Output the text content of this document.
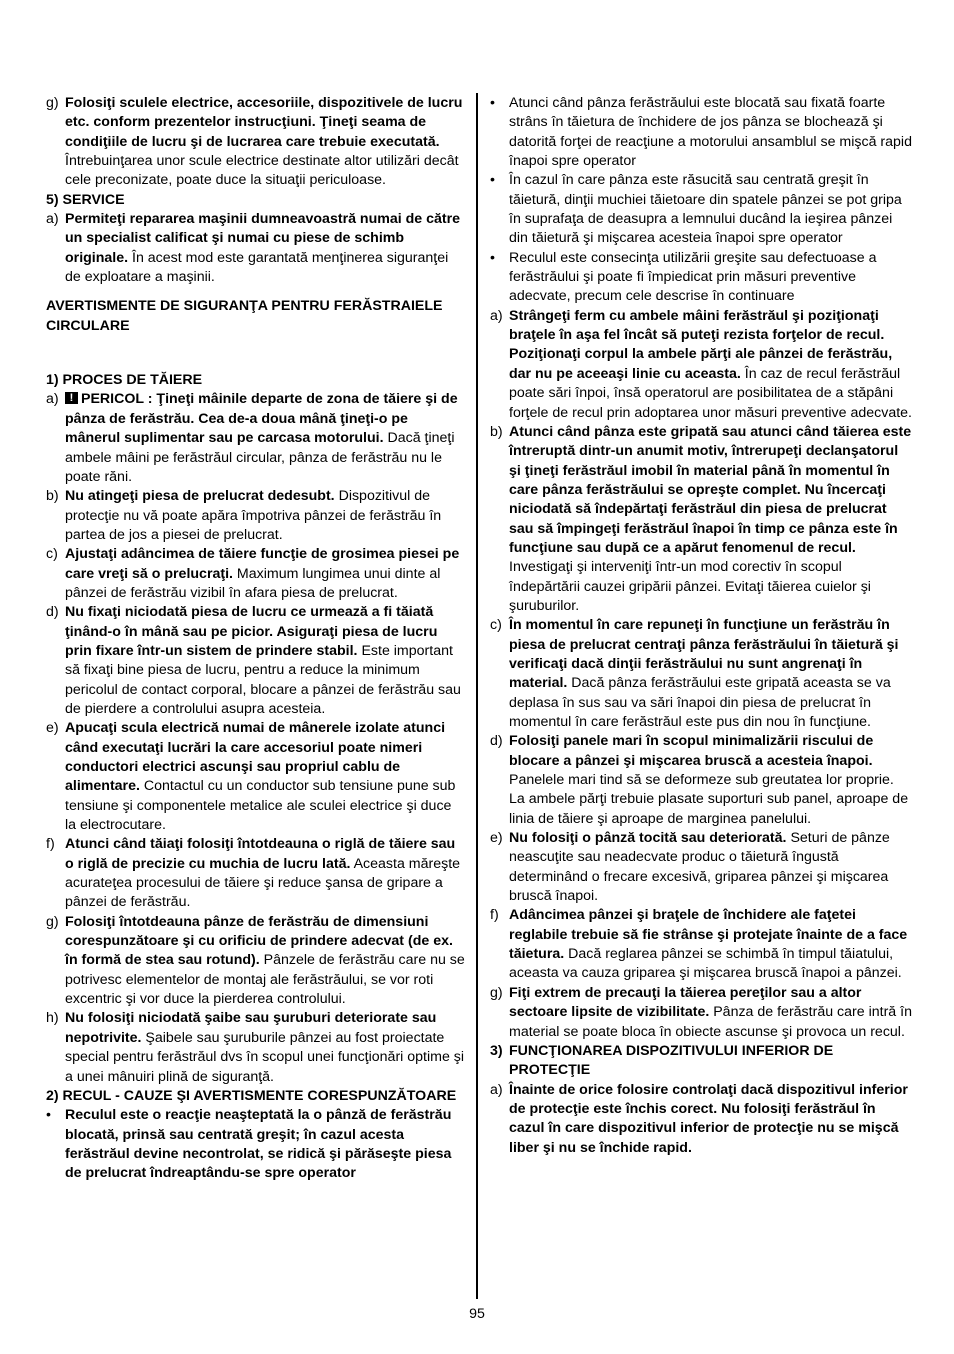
g) Folosiţi sculele electrice, accesoriile, dispozitivele de lucru etc. conform prezentelor instrucţiuni. Ţineţi seama de condiţiile de lucru şi de lucrarea care trebuie executată. Întrebuinţarea unor scule electrice destinate altor utilizări decât cele preconizate, poate duce la situaţii periculoase.
5) SERVICE
a) Permiteţi repararea maşinii dumneavoastră numai de către un specialist calificat şi numai cu piese de schimb originale. În acest mod este garantată menţinerea siguranţei de exploatare a maşinii.
AVERTISMENTE DE SIGURANŢA PENTRU FERĂSTRAIELE CIRCULARE
1) PROCES DE TĂIERE
a)
! PERICOL : Ţineţi mâinile departe de zona de tăiere şi de pânza de ferăstrău. Cea de-a doua mână ţineţi-o pe mânerul suplimentar sau pe carcasa motorului. Dacă ţineţi ambele mâini pe ferăstrăul circular, pânza de ferăstrău nu le poate răni.
b) Nu atingeţi piesa de prelucrat dedesubt. Dispozitivul de protecţie nu vă poate apăra împotriva pânzei de ferăstrău în partea de jos a piesei de prelucrat.
c) Ajustaţi adâncimea de tăiere funcţie de grosimea piesei pe care vreţi să o prelucraţi. Maximum lungimea unui dinte al pânzei de ferăstrău vizibil în afara piesa de prelucrat.
d) Nu fixaţi niciodată piesa de lucru ce urmează a fi tăiată ţinând-o în mână sau pe picior. Asiguraţi piesa de lucru prin fixare într-un sistem de prindere stabil. Este important să fixaţi bine piesa de lucru, pentru a reduce la minimum pericolul de contact corporal, blocare a pânzei de ferăstrău sau de pierdere a controlului asupra acesteia.
e) Apucaţi scula electrică numai de mânerele izolate atunci când executaţi lucrări la care accesoriul poate nimeri conductori electrici ascunşi sau propriul cablu de alimentare. Contactul cu un conductor sub tensiune pune sub tensiune şi componentele metalice ale sculei electrice şi duce la electrocutare.
f) Atunci când tăiaţi folosiţi întotdeauna o riglă de tăiere sau o riglă de precizie cu muchia de lucru lată. Aceasta măreşte acurateţea procesului de tăiere şi reduce şansa de gripare a pânzei de ferăstrău.
g) Folosiţi întotdeauna pânze de ferăstrău de dimensiuni corespunzătoare şi cu orificiu de prindere adecvat (de ex. în formă de stea sau rotund). Pânzele de ferăstrău care nu se potrivesc elementelor de montaj ale ferăstrăului, se vor roti excentric şi vor duce la pierderea controlului.
h) Nu folosiţi niciodată şaibe sau şuruburi deteriorate sau nepotrivite. Şaibele sau şuruburile pânzei au fost proiectate special pentru ferăstrăul dvs în scopul unei funcţionări optime şi a unei mânuiri plină de siguranţă.
2) RECUL - CAUZE ŞI AVERTISMENTE CORESPUNZĂTOARE
• Reculul este o reacţie neaşteptată la o pânză de ferăstrău blocată, prinsă sau centrată greşit; în cazul acesta ferăstrăul devine necontrolat, se ridică şi părăseşte piesa de prelucrat îndreaptându-se spre operator
• Atunci când pânza ferăstrăului este blocată sau fixată foarte strâns în tăietura de închidere de jos pânza se blochează şi datorită forţei de reacţiune a motorului ansamblul se mişcă rapid înapoi spre operator
• În cazul în care pânza este răsucită sau centrată greşit în tăietură, dinţii muchiei tăietoare din spatele pânzei se pot gripa în suprafaţa de deasupra a lemnului ducând la ieşirea pânzei din tăietură şi mişcarea acesteia înapoi spre operator
• Reculul este consecinţa utilizării greşite sau defectuoase a ferăstrăului şi poate fi împiedicat prin măsuri preventive adecvate, precum cele descrise în continuare
a) Strângeţi ferm cu ambele mâini ferăstrăul şi poziţionaţi braţele în aşa fel încât să puteţi rezista forţelor de recul. Poziţionaţi corpul la ambele părţi ale pânzei de ferăstrău, dar nu pe aceeaşi linie cu aceasta. În caz de recul ferăstrăul poate sări înpoi, însă operatorul are posibilitatea de a stăpâni forţele de recul prin adoptarea unor măsuri preventive adecvate.
b) Atunci când pânza este gripată sau atunci când tăierea este întreruptă dintr-un anumit motiv, întrerupeţi declanşatorul şi ţineţi ferăstrăul imobil în material până în momentul în care pânza ferăstrăului se opreşte complet. Nu încercaţi niciodată să îndepărtaţi ferăstrăul din piesa de prelucrat sau să împingeţi ferăstrăul înapoi în timp ce pânza este în funcţiune sau după ce a apărut fenomenul de recul. Investigaţi şi interveniţi într-un mod corectiv în scopul îndepărtării cauzei gripării pânzei. Evitaţi tăierea cuielor şi şuruburilor.
c) În momentul în care repuneţi în funcţiune un ferăstrău în piesa de prelucrat centraţi pânza ferăstrăului în tăietură şi verificaţi dacă dinţii ferăstrăului nu sunt angrenaţi în material. Dacă pânza ferăstrăului este gripată aceasta se va deplasa în sus sau va sări înapoi din piesa de prelucrat în momentul în care ferăstrăul este pus din nou în funcţiune.
d) Folosiţi panele mari în scopul minimalizării riscului de blocare a pânzei şi mişcarea bruscă a acesteia înapoi. Panelele mari tind să se deformeze sub greutatea lor proprie. La ambele părţi trebuie plasate suporturi sub panel, aproape de linia de tăiere şi aproape de marginea panelului.
e) Nu folosiţi o pânză tocită sau deteriorată. Seturi de pânze neascuţite sau neadecvate produc o tăietură îngustă determinând o frecare excesivă, griparea pânzei şi mişcarea bruscă înapoi.
f) Adâncimea pânzei şi braţele de închidere ale faţetei reglabile trebuie să fie strânse şi protejate înainte de a face tăietura. Dacă reglarea pânzei se schimbă în timpul tăiatului, aceasta va cauza griparea şi mişcarea bruscă înapoi a pânzei.
g) Fiţi extrem de precauţi la tăierea pereţilor sau a altor sectoare lipsite de vizibilitate. Pânza de ferăstrău care intră în material se poate bloca în obiecte ascunse şi provoca un recul.
3) FUNCŢIONAREA DISPOZITIVULUI INFERIOR DE PROTECŢIE
a) Înainte de orice folosire controlaţi dacă dispozitivul inferior de protecţie este închis corect. Nu folosiţi ferăstrăul în cazul în care dispozitivul inferior de protecţie nu se mişcă liber şi nu se închide rapid.
95
